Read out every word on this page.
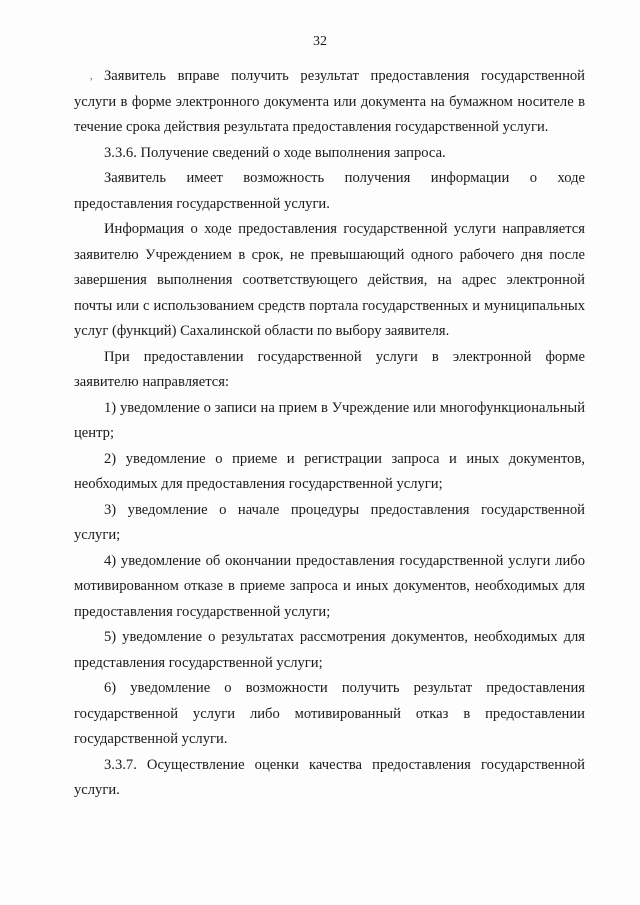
32
, Заявитель вправе получить результат предоставления государственной услуги в форме электронного документа или документа на бумажном носителе в течение срока действия результата предоставления государственной услуги.

3.3.6. Получение сведений о ходе выполнения запроса.

Заявитель имеет возможность получения информации о ходе предоставления государственной услуги.

Информация о ходе предоставления государственной услуги направляется заявителю Учреждением в срок, не превышающий одного рабочего дня после завершения выполнения соответствующего действия, на адрес электронной почты или с использованием средств портала государственных и муниципальных услуг (функций) Сахалинской области по выбору заявителя.

При предоставлении государственной услуги в электронной форме заявителю направляется:

1) уведомление о записи на прием в Учреждение или многофункциональный центр;

2) уведомление о приеме и регистрации запроса и иных документов, необходимых для предоставления государственной услуги;

3) уведомление о начале процедуры предоставления государственной услуги;

4) уведомление об окончании предоставления государственной услуги либо мотивированном отказе в приеме запроса и иных документов, необходимых для предоставления государственной услуги;

5) уведомление о результатах рассмотрения документов, необходимых для представления государственной услуги;

6) уведомление о возможности получить результат предоставления государственной услуги либо мотивированный отказ в предоставлении государственной услуги.

3.3.7. Осуществление оценки качества предоставления государственной услуги.
